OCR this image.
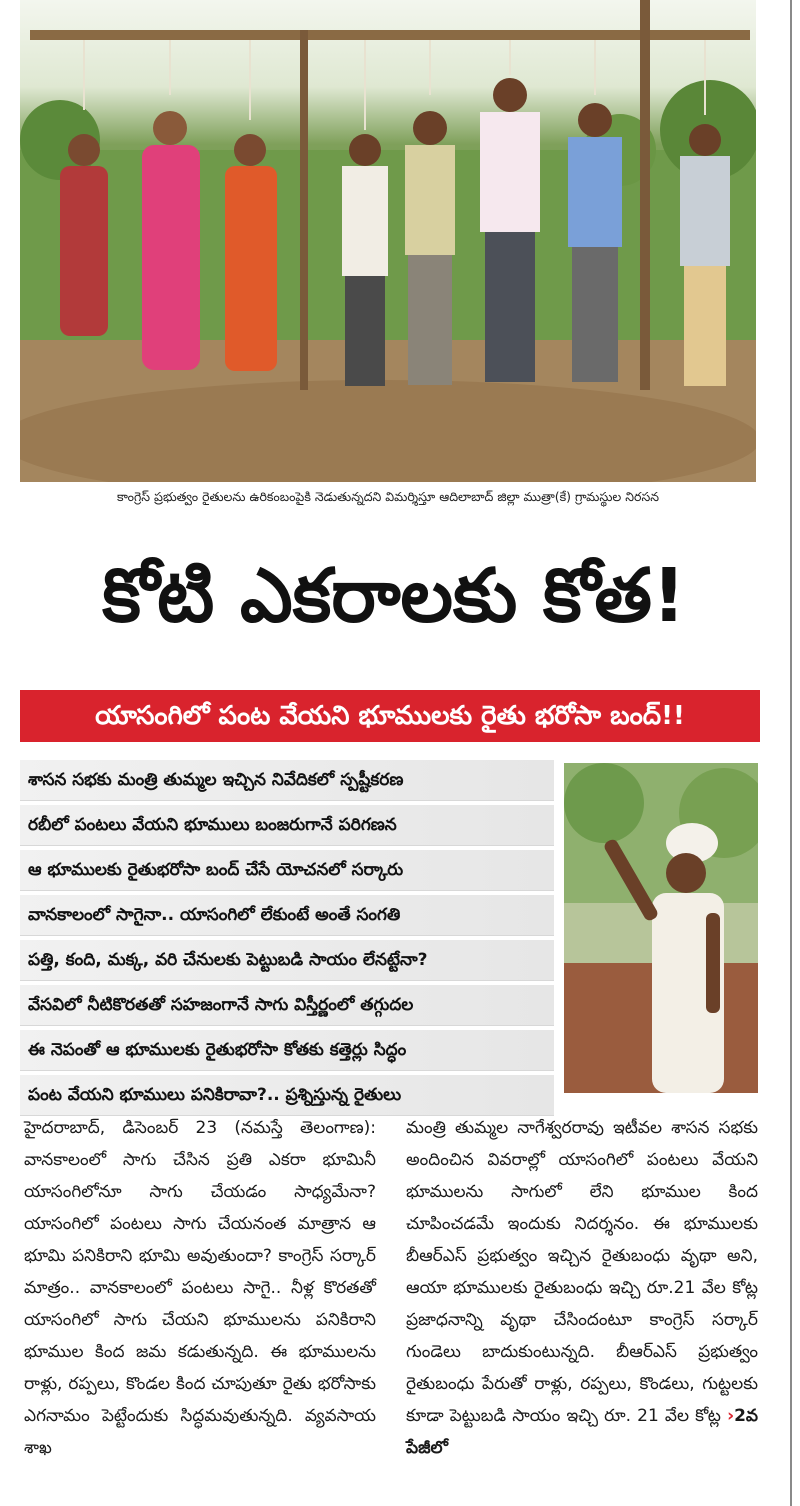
కాంగ్రెస్ ప్రభుత్వం రైతులను ఉరికంబంపైకి నెడుతున్నదని విమర్శిస్తూ ఆదిలాబాద్ జిల్లా ముత్రా(కే) గ్రామస్థుల నిరసన
కోటి ఎకరాలకు కోత!
యాసంగిలో పంట వేయని భూములకు రైతు భరోసా బంద్!!
శాసన సభకు మంత్రి తుమ్మల ఇచ్చిన నివేదికలో స్పష్టీకరణ
రబీలో పంటలు వేయని భూములు బంజరుగానే పరిగణన
ఆ భూములకు రైతుభరోసా బంద్ చేసే యోచనలో సర్కారు
వానకాలంలో సాగైనా.. యాసంగిలో లేకుంటే అంతే సంగతి
పత్తి, కంది, మక్క, వరి చేనులకు పెట్టుబడి సాయం లేనట్టేనా?
వేసవిలో నీటికొరతతో సహజంగానే సాగు విస్తీర్ణంలో తగ్గుదల
ఈ నెపంతో ఆ భూములకు రైతుభరోసా కోతకు కత్తెర్లు సిద్ధం
పంట వేయని భూములు పనికిరావా?.. ప్రశ్నిస్తున్న రైతులు

హైదరాబాద్, డిసెంబర్ 23 (నమస్తే తెలంగాణ): వానకాలంలో సాగు చేసిన ప్రతి ఎకరా భూమినీ యాసంగిలోనూ సాగు చేయడం సాధ్యమేనా? యాసంగిలో పంటలు సాగు చేయనంత మాత్రాన ఆ భూమి పనికిరాని భూమి అవుతుందా? కాంగ్రెస్ సర్కార్ మాత్రం.. వానకాలంలో పంటలు సాగై.. నీళ్ల కొరతతో యాసంగిలో సాగు చేయని భూములను పనికిరాని భూముల కింద జమ కడుతున్నది. ఈ భూములను రాళ్లు, రప్పలు, కొండల కింద చూపుతూ రైతు భరోసాకు ఎగనామం పెట్టేందుకు సిద్ధమవుతున్నది. వ్యవసాయ శాఖ

మంత్రి తుమ్మల నాగేశ్వరరావు ఇటీవల శాసన సభకు అందించిన వివరాల్లో యాసంగిలో పంటలు వేయని భూములను సాగులో లేని భూముల కింద చూపించడమే ఇందుకు నిదర్శనం. ఈ భూములకు బీఆర్ఎస్ ప్రభుత్వం ఇచ్చిన రైతుబంధు వృథా అని, ఆయా భూములకు రైతుబంధు ఇచ్చి రూ.21 వేల కోట్ల ప్రజాధనాన్ని వృథా చేసిందంటూ కాంగ్రెస్ సర్కార్ గుండెలు బాదుకుంటున్నది. బీఆర్ఎస్ ప్రభుత్వం రైతుబంధు పేరుతో రాళ్లు, రప్పలు, కొండలు, గుట్టలకు కూడా పెట్టుబడి సాయం ఇచ్చి రూ. 21 వేల కోట్ల ›2వ పేజీలో
